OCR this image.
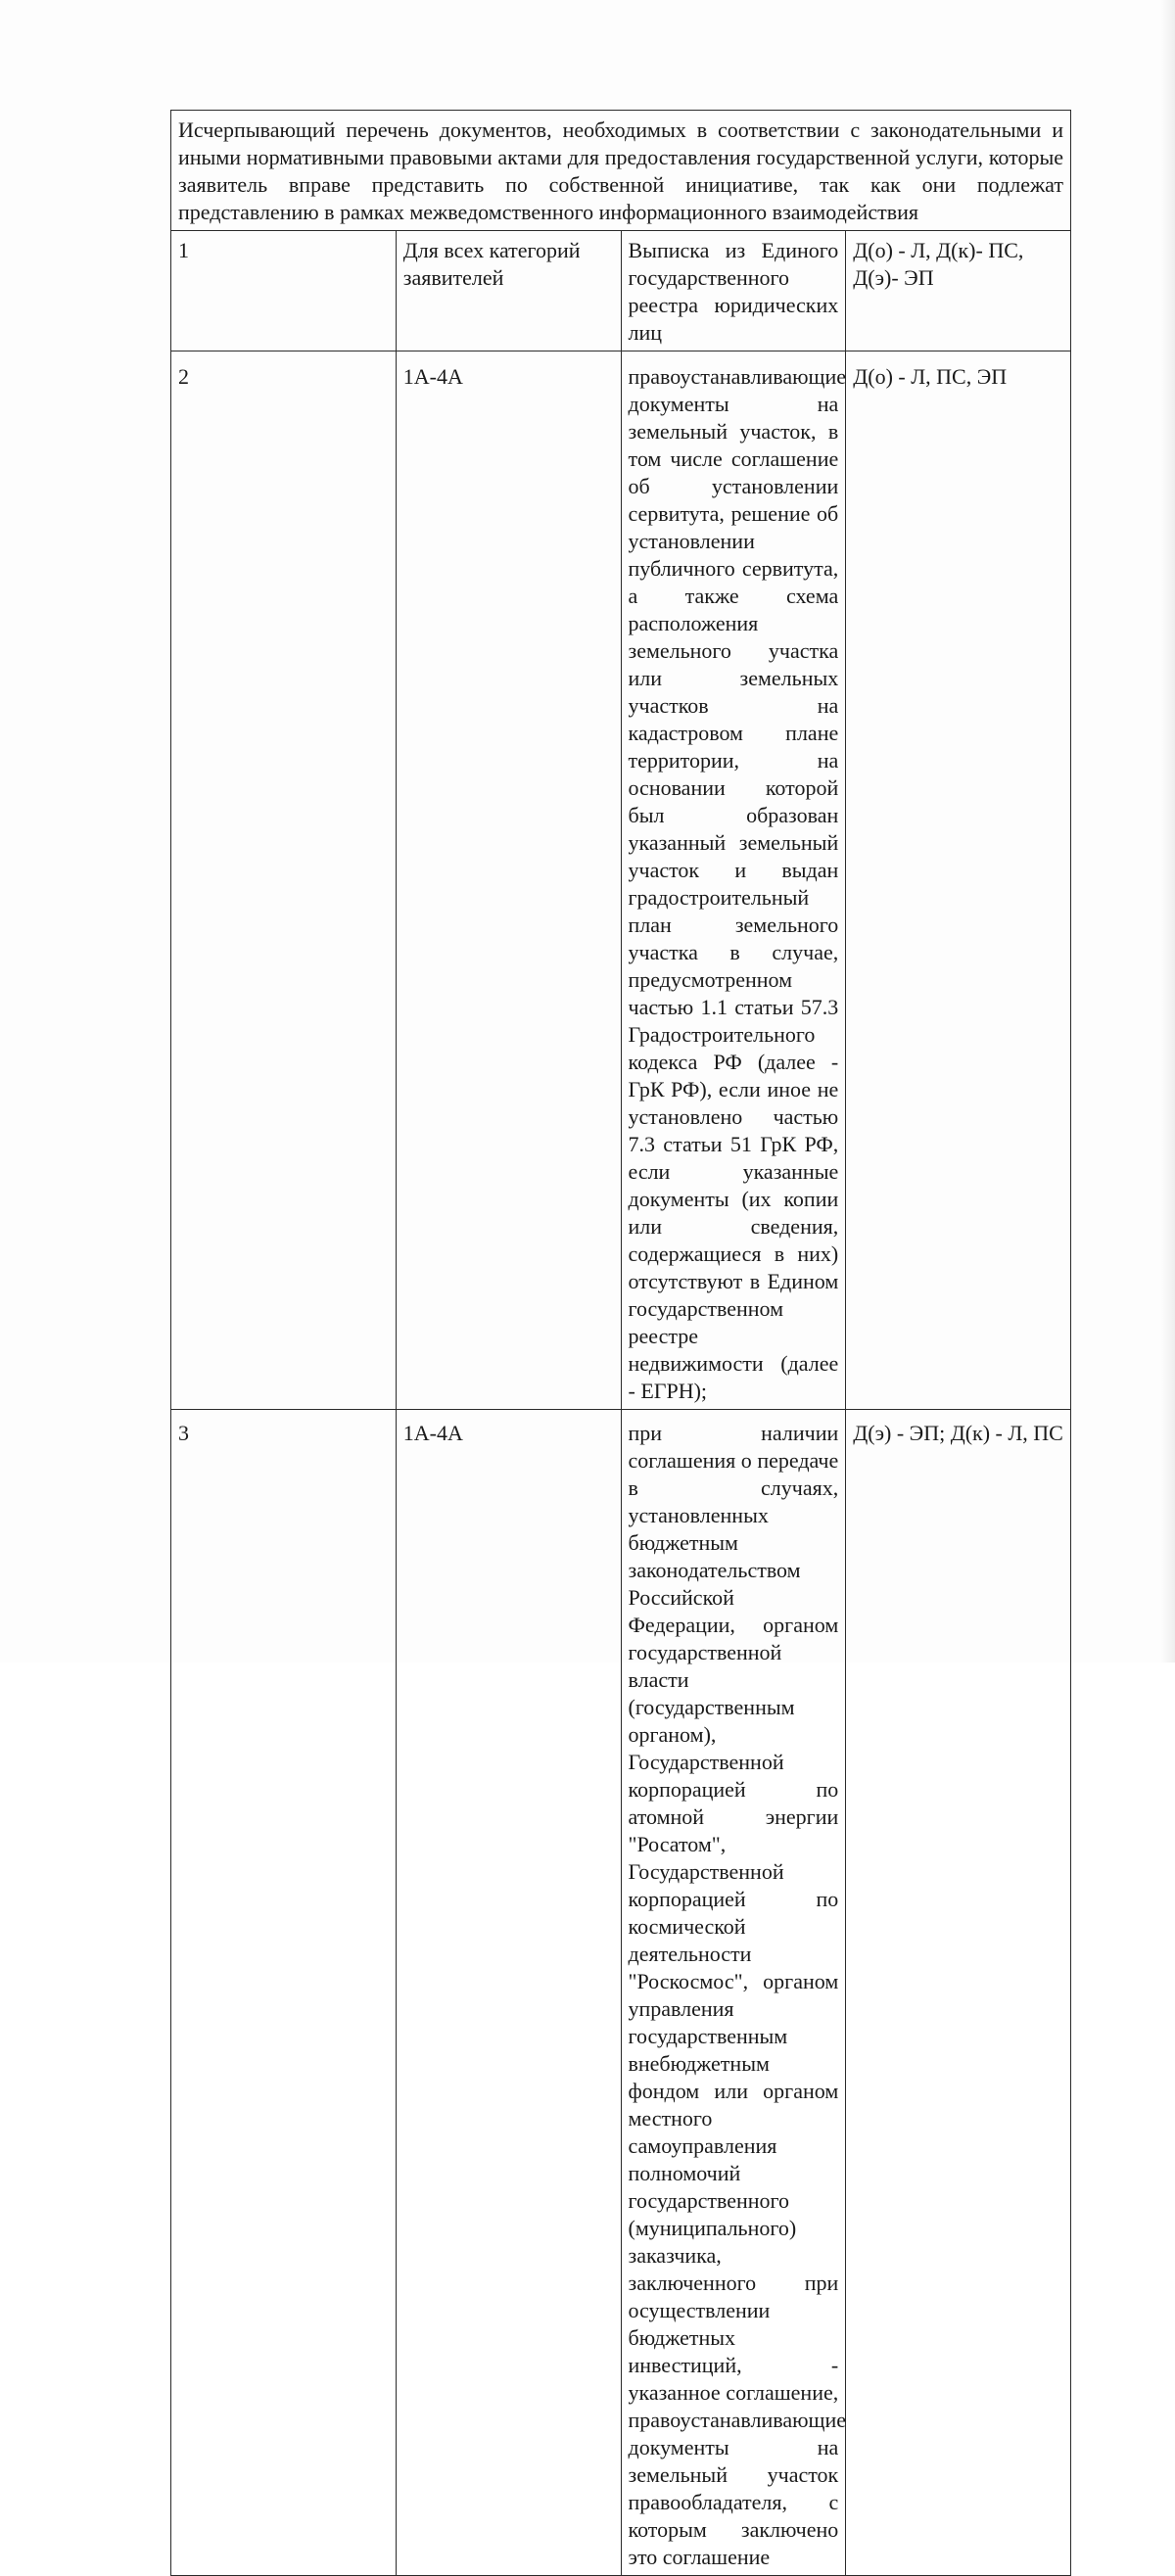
Исчерпывающий перечень документов, необходимых в соответствии с законодательными и иными нормативными правовыми актами для предоставления государственной услуги, которые заявитель вправе представить по собственной инициативе, так как они подлежат представлению в рамках межведомственного информационного взаимодействия			
1	Для всех категорий заявителей	Выписка из Единого государственного реестра юридических лиц	Д(о) - Л, Д(к)- ПС, Д(э)- ЭП
2	1А-4А	правоустанавливающие документы на земельный участок, в том числе соглашение об установлении сервитута, решение об установлении публичного сервитута, а также схема расположения земельного участка или земельных участков на кадастровом плане территории, на основании которой был образован указанный земельный участок и выдан градостроительный план земельного участка в случае, предусмотренном частью 1.1 статьи 57.3 Градостроительного кодекса РФ (далее - ГрК РФ), если иное не установлено частью 7.3 статьи 51 ГрК РФ, если указанные документы (их копии или сведения, содержащиеся в них) отсутствуют в Едином государственном реестре недвижимости (далее - ЕГРН);	Д(о) - Л, ПС, ЭП
3	1А-4А	при наличии соглашения о передаче в случаях, установленных бюджетным законодательством Российской Федерации, органом государственной власти (государственным органом), Государственной корпорацией по атомной энергии "Росатом", Государственной корпорацией по космической деятельности "Роскосмос", органом управления государственным внебюджетным фондом или органом местного самоуправления полномочий государственного (муниципального) заказчика, заключенного при осуществлении бюджетных инвестиций, - указанное соглашение, правоустанавливающие документы на земельный участок правообладателя, с которым заключено это соглашение	Д(э) - ЭП; Д(к) - Л, ПС
